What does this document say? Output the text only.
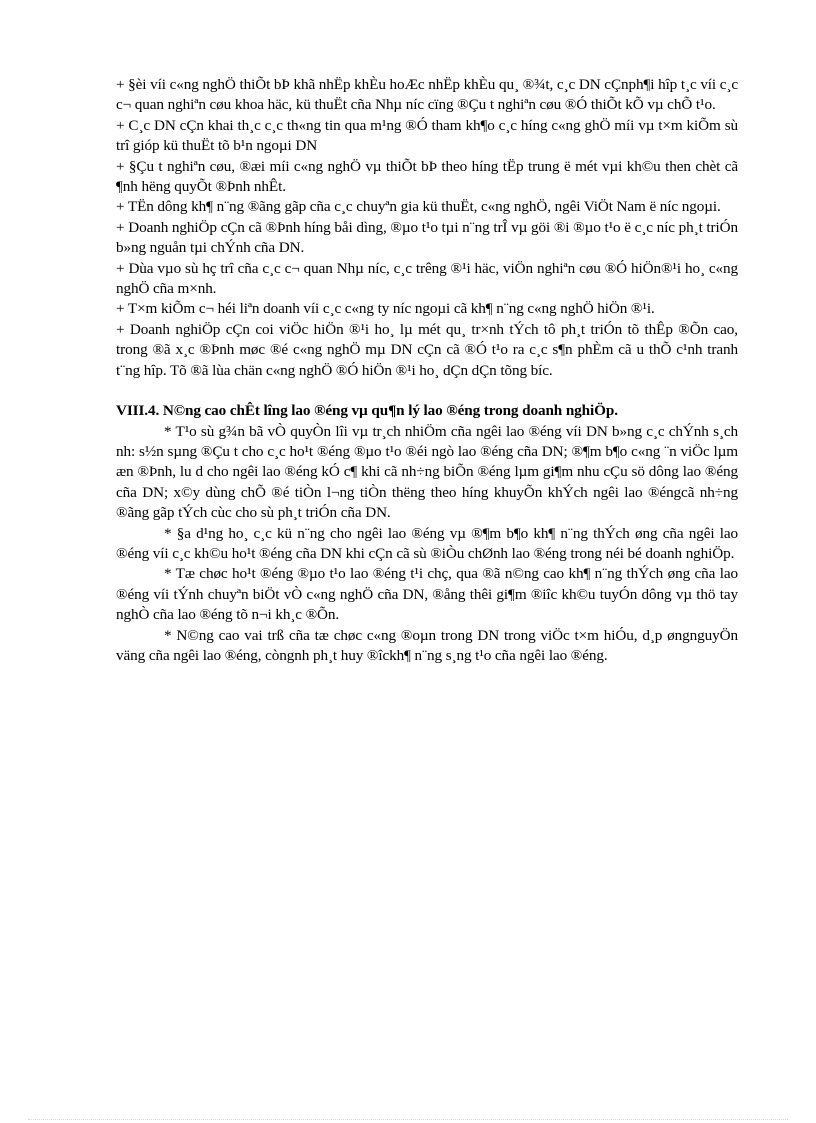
+ §èi víi c«ng nghÖ thiÕt bÞ khã nhËp khÈu hoÆc nhËp khÈu qu¸ ®¾t, c¸c DN cÇnph¶i hîp t¸c víi c¸c c¬ quan nghiªn cøu khoa häc, kü thuËt cña Nhµ níc cïng ®Çu t nghiªn cøu ®Ó thiÕt kÕ vµ chÕ t¹o.

+ C¸c DN cÇn khai th¸c c¸c th«ng tin qua m¹ng ®Ó tham kh¶o c¸c híng c«ng ghÖ míi vµ t×m kiÕm sù trî gióp kü thuËt tõ b¹n ngoµi DN

+ §Çu t nghiªn cøu, ®æi míi c«ng nghÖ vµ thiÕt bÞ theo híng tËp trung ë mét vµi kh©u then chèt cã ¶nh hëng quyÕt ®Þnh nhÊt.

+ TËn dông kh¶ n¨ng ®ãng gãp cña c¸c chuyªn gia kü thuËt, c«ng nghÖ, ngêi ViÖt Nam ë níc ngoµi.

+ Doanh nghiÖp cÇn cã ®Þnh híng båi dìng, ®µo t¹o tµi n¨ng trÎ vµ göi ®i ®µo t¹o ë c¸c níc ph¸t triÓn b»ng nguån tµi chÝnh cña DN.

+ Dùa vµo sù hç trî cña c¸c c¬ quan Nhµ níc, c¸c trêng ®¹i häc, viÖn nghiªn cøu ®Ó hiÖn®¹i ho¸ c«ng nghÖ cña m×nh.

+ T×m kiÕm c¬ héi liªn doanh víi c¸c c«ng ty níc ngoµi cã kh¶ n¨ng c«ng nghÖ hiÖn ®¹i.

+ Doanh nghiÖp cÇn coi viÖc hiÖn ®¹i ho¸ lµ mét qu¸ tr×nh tÝch tô ph¸t triÓn tõ thÊp ®Õn cao, trong ®ã x¸c ®Þnh møc ®é c«ng nghÖ mµ DN cÇn cã ®Ó t¹o ra c¸c s¶n phÈm cã u thÕ c¹nh tranh t¨ng hîp. Tõ ®ã lùa chän c«ng nghÖ ®Ó hiÖn ®¹i ho¸ dÇn dÇn tõng bíc.

VIII.4. N©ng cao chÊt lîng lao ®éng vµ qu¶n lý lao ®éng trong doanh nghiÖp.

* T¹o sù g¾n bã vÒ quyÒn lîi vµ tr¸ch nhiÖm cña ngêi lao ®éng víi DN b»ng c¸c chÝnh s¸ch nh: s½n sµng ®Çu t cho c¸c ho¹t ®éng ®µo t¹o ®éi ngò lao ®éng cña DN; ®¶m b¶o c«ng ¨n viÖc lµm æn ®Þnh, lu d cho ngêi lao ®éng kÓ c¶ khi cã nh÷ng biÕn ®éng lµm gi¶m nhu cÇu sö dông lao ®éng cña DN; x©y dùng chÕ ®é tiÒn l¬ng tiÒn thëng theo híng khuyÕn khÝch ngêi lao ®éngcã nh÷ng ®ãng gãp tÝch cùc cho sù ph¸t triÓn cña DN.

* §a d¹ng ho¸ c¸c kü n¨ng cho ngêi lao ®éng vµ ®¶m b¶o kh¶ n¨ng thÝch øng cña ngêi lao ®éng víi c¸c kh©u ho¹t ®éng cña DN khi cÇn cã sù ®iÒu chØnh lao ®éng trong néi bé doanh nghiÖp.

* Tæ chøc ho¹t ®éng ®µo t¹o lao ®éng t¹i chç, qua ®ã n©ng cao kh¶ n¨ng thÝch øng cña lao ®éng víi tÝnh chuyªn biÖt vÒ c«ng nghÖ cña DN, ®ång thêi gi¶m ®iîc kh©u tuyÓn dông vµ thö tay nghÒ cña lao ®éng tõ n¬i kh¸c ®Õn.

* N©ng cao vai trß cña tæ chøc c«ng ®oµn trong DN trong viÖc t×m hiÓu, d¸p øngnguyÖn väng cña ngêi lao ®éng, còngnh ph¸t huy ®îckh¶ n¨ng s¸ng t¹o cña ngêi lao ®éng.
